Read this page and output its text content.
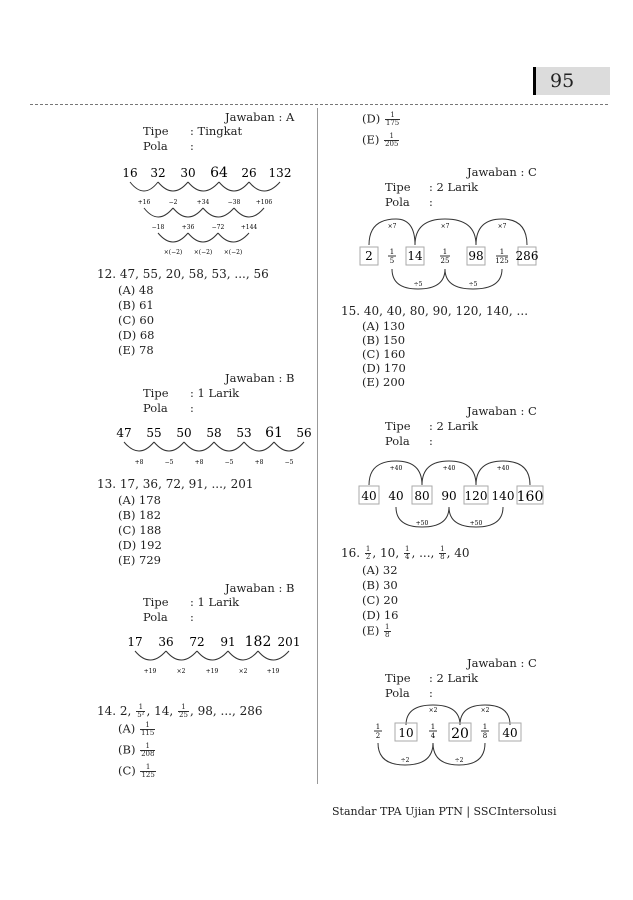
95
Jawaban : A
Tipe : Tingkat
Pola :
16 32 30 64 26 132
+16	−2	+34	−38	+106
−18	+36	−72	+144
×(−2) ×(−2) ×(−2)
12. 47, 55, 20, 58, 53, ..., 56
(A) 48
(B) 61
(C) 60
(D) 68
(E) 78
Jawaban : B
Tipe : 1 Larik
Pola :
47 55 50 58 53 61 56
+8	−5	+8	−5	+8	−5
13. 17, 36, 72, 91, ..., 201
(A) 178
(B) 182
(C) 188
(D) 192
(E) 729
Jawaban : B
Tipe : 1 Larik
Pola :
17 36 72 91 182 201
+19	×2	+19	×2	+19
14. 2, $\frac{1}{\text{5²}}$ , 14, $\frac{1}{25}$ , 98, ..., 286
$(A) \frac{1}{115}$
$(B) \frac{1}{208}$
$(C) \frac{1}{125}$
$(D) \frac{1}{175}$
$(E) \frac{1}{205}$
Jawaban : C
Tipe : 2 Larik
Pola :
×7	×7	×7
2	14	98	286
1
5
1
25
1
125
÷5	÷5
15. 40, 40, 80, 90, 120, 140, ...
(A) 130
(B) 150
(C) 160
(D) 170
(E) 200
Jawaban : C
Tipe : 2 Larik
Pola :
+40	+40	+40
40 40 80 90 120 140 160
+50	+50
16. $\frac{1}{2}$ , 10, $\frac{1}{4}$ , ..., $\frac{1}{8}$ , 40
(A) 32
(B) 30
(C) 20
(D) 16
$(E) \frac{1}{8}$
Jawaban : C
Tipe : 2 Larik
Pola :
×2	×2
1
2 10 1
4 20 1
8 40
÷2	÷2
Standar TPA Ujian PTN | SSCIntersolusi
